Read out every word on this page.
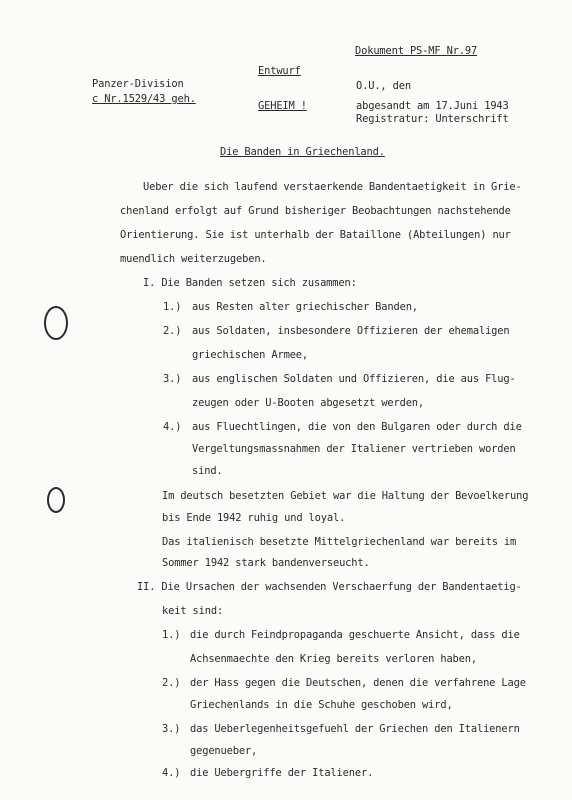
Dokument PS-MF Nr.97
Panzer-Division
c Nr.1529/43 geh.
Entwurf
GEHEIM !
O.U., den
abgesandt am 17.Juni 1943
Registratur: Unterschrift
Die Banden in Griechenland.
Ueber die sich laufend verstaerkende Bandentaetigkeit in Grie-
chenland erfolgt auf Grund bisheriger Beobachtungen nachstehende
Orientierung. Sie ist unterhalb der Bataillone (Abteilungen) nur
muendlich weiterzugeben.
I. Die Banden setzen sich zusammen:
1.) aus Resten alter griechischer Banden,
2.) aus Soldaten, insbesondere Offizieren der ehemaligen
griechischen Armee,
3.) aus englischen Soldaten und Offizieren, die aus Flug-
zeugen oder U-Booten abgesetzt werden,
4.) aus Fluechtlingen, die von den Bulgaren oder durch die
Vergeltungsmassnahmen der Italiener vertrieben worden
sind.
Im deutsch besetzten Gebiet war die Haltung der Bevoelkerung
bis Ende 1942 ruhig und loyal.
Das italienisch besetzte Mittelgriechenland war bereits im
Sommer 1942 stark bandenverseucht.
II. Die Ursachen der wachsenden Verschaerfung der Bandentaetig-
keit sind:
1.) die durch Feindpropaganda geschuerte Ansicht, dass die
Achsenmaechte den Krieg bereits verloren haben,
2.) der Hass gegen die Deutschen, denen die verfahrene Lage
Griechenlands in die Schuhe geschoben wird,
3.) das Ueberlegenheitsgefuehl der Griechen den Italienern
gegenueber,
4.) die Uebergriffe der Italiener.
